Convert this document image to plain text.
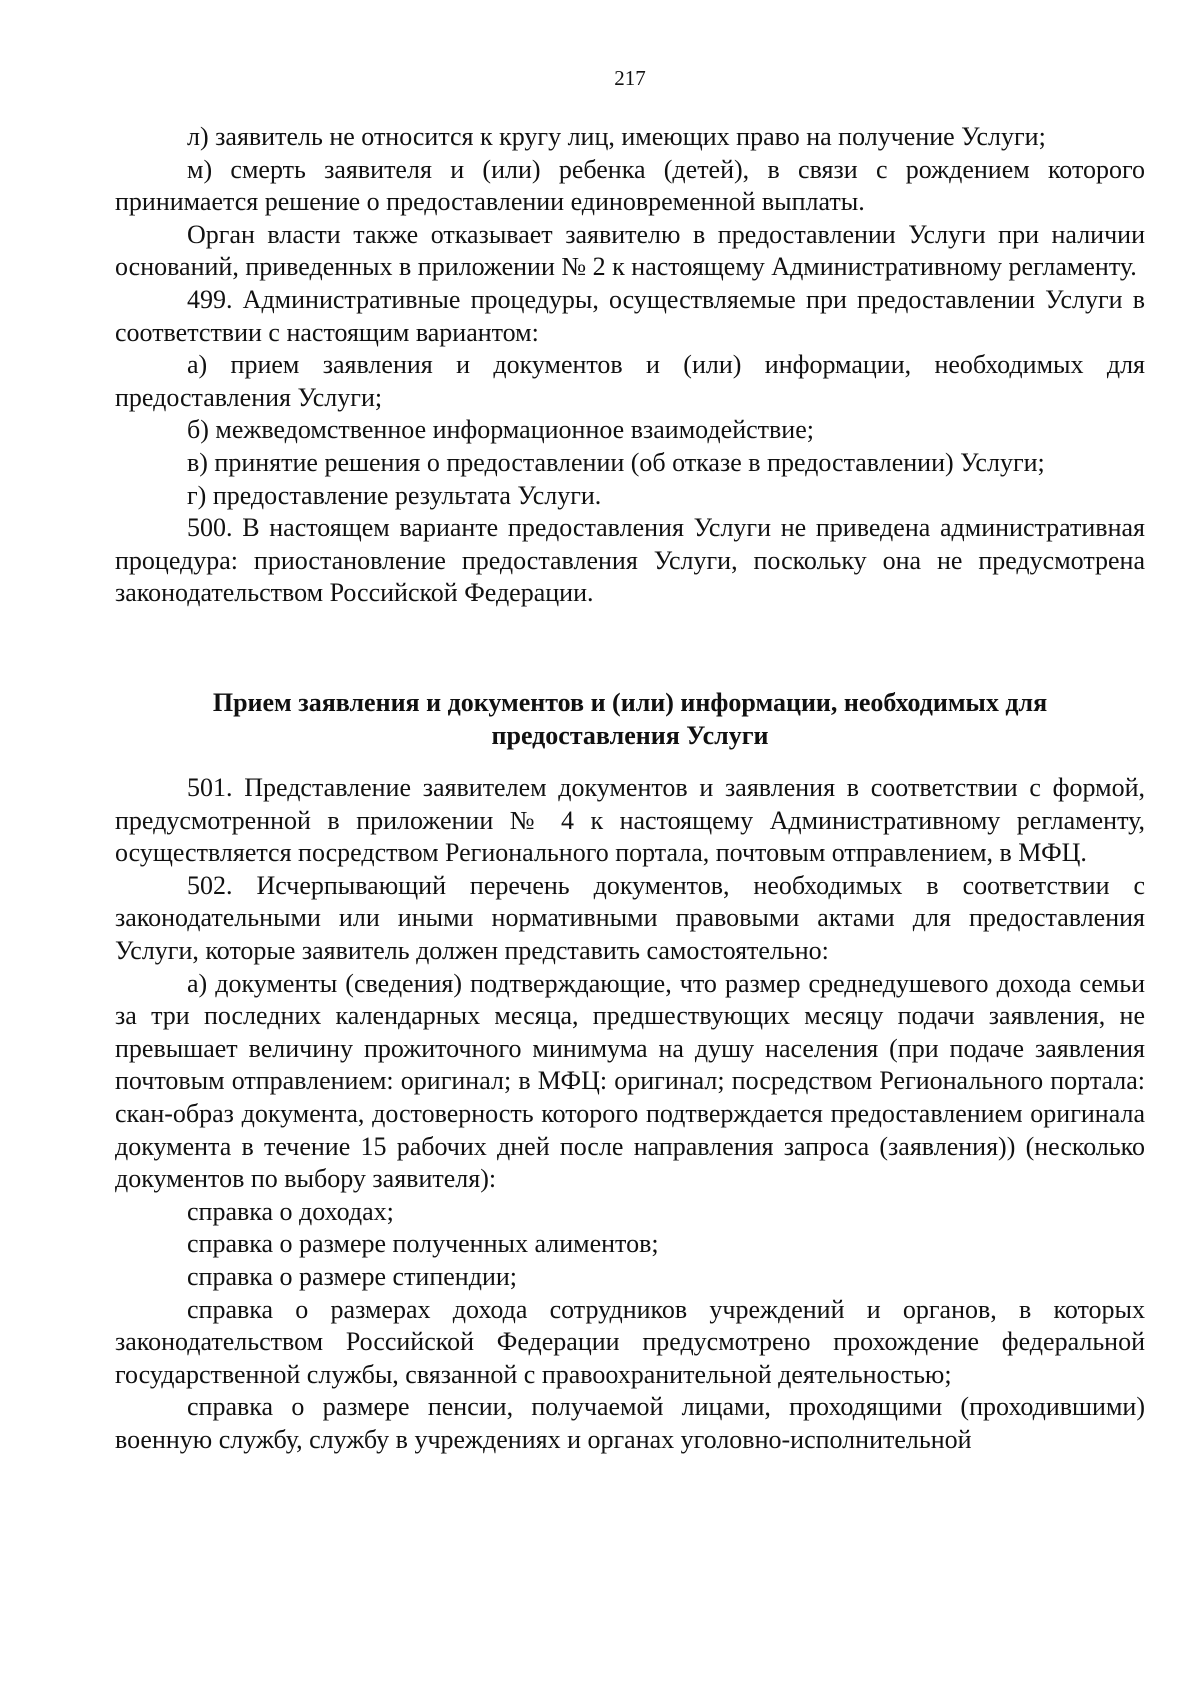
217

л) заявитель не относится к кругу лиц, имеющих право на получение Услуги;

м) смерть заявителя и (или) ребенка (детей), в связи с рождением которого принимается решение о предоставлении единовременной выплаты.

Орган власти также отказывает заявителю в предоставлении Услуги при наличии оснований, приведенных в приложении № 2 к настоящему Административному регламенту.

499. Административные процедуры, осуществляемые при предоставлении Услуги в соответствии с настоящим вариантом:

а) прием заявления и документов и (или) информации, необходимых для предоставления Услуги;

б) межведомственное информационное взаимодействие;

в) принятие решения о предоставлении (об отказе в предоставлении) Услуги;

г) предоставление результата Услуги.

500. В настоящем варианте предоставления Услуги не приведена административная процедура: приостановление предоставления Услуги, поскольку она не предусмотрена законодательством Российской Федерации.

Прием заявления и документов и (или) информации, необходимых для
предоставления Услуги

501. Представление заявителем документов и заявления в соответствии с формой, предусмотренной в приложении № 4 к настоящему Административному регламенту, осуществляется посредством Регионального портала, почтовым отправлением, в МФЦ.

502. Исчерпывающий перечень документов, необходимых в соответствии с законодательными или иными нормативными правовыми актами для предоставления Услуги, которые заявитель должен представить самостоятельно:

а) документы (сведения) подтверждающие, что размер среднедушевого дохода семьи за три последних календарных месяца, предшествующих месяцу подачи заявления, не превышает величину прожиточного минимума на душу населения (при подаче заявления почтовым отправлением: оригинал; в МФЦ: оригинал; посредством Регионального портала: скан-образ документа, достоверность которого подтверждается предоставлением оригинала документа в течение 15 рабочих дней после направления запроса (заявления)) (несколько документов по выбору заявителя):

справка о доходах;

справка о размере полученных алиментов;

справка о размере стипендии;

справка о размерах дохода сотрудников учреждений и органов, в которых законодательством Российской Федерации предусмотрено прохождение федеральной государственной службы, связанной с правоохранительной деятельностью;

справка о размере пенсии, получаемой лицами, проходящими (проходившими) военную службу, службу в учреждениях и органах уголовно-исполнительной
